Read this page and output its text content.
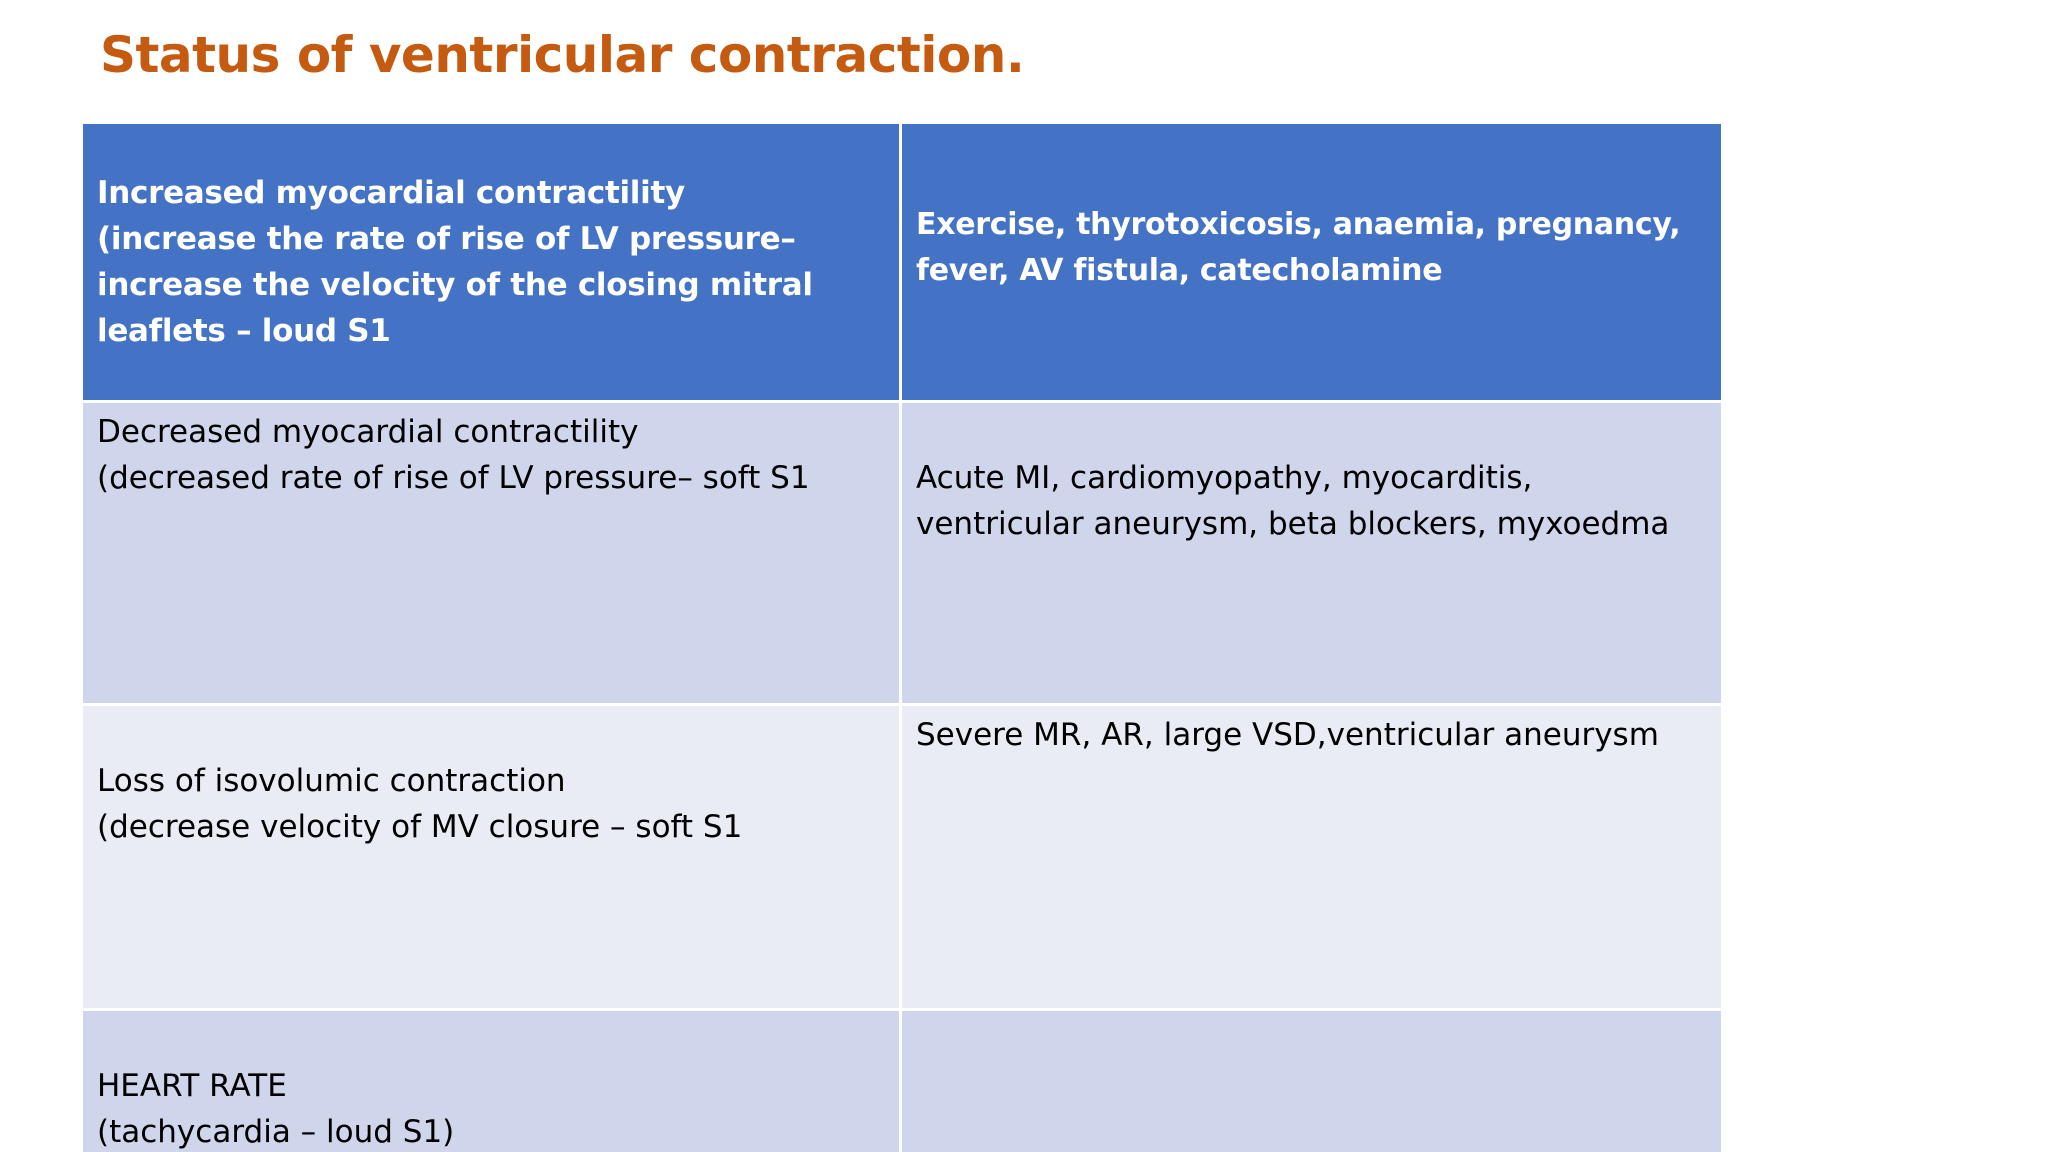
Status of ventricular contraction.
Increased myocardial contractility
(increase the rate of rise of LV pressure–
increase the velocity of the closing mitral
leaflets – loud S1	Exercise, thyrotoxicosis, anaemia, pregnancy,
fever, AV fistula, catecholamine

Decreased myocardial contractility
(decreased rate of rise of LV pressure– soft S1	Acute MI, cardiomyopathy, myocarditis,
ventricular aneurysm, beta blockers, myxoedma

Loss of isovolumic contraction
(decrease velocity of MV closure – soft S1	Severe MR, AR, large VSD,ventricular aneurysm

HEART RATE
(tachycardia – loud S1)	
